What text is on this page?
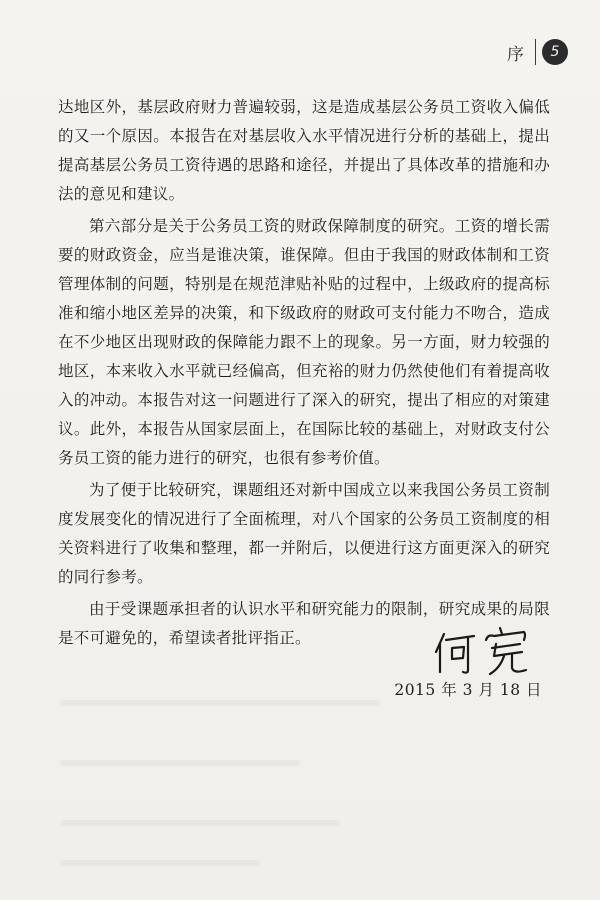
序	5

达地区外，基层政府财力普遍较弱，这是造成基层公务员工资收入偏低的又一个原因。本报告在对基层收入水平情况进行分析的基础上，提出提高基层公务员工资待遇的思路和途径，并提出了具体改革的措施和办法的意见和建议。

第六部分是关于公务员工资的财政保障制度的研究。工资的增长需要的财政资金，应当是谁决策，谁保障。但由于我国的财政体制和工资管理体制的问题，特别是在规范津贴补贴的过程中，上级政府的提高标准和缩小地区差异的决策，和下级政府的财政可支付能力不吻合，造成在不少地区出现财政的保障能力跟不上的现象。另一方面，财力较强的地区，本来收入水平就已经偏高，但充裕的财力仍然使他们有着提高收入的冲动。本报告对这一问题进行了深入的研究，提出了相应的对策建议。此外，本报告从国家层面上，在国际比较的基础上，对财政支付公务员工资的能力进行的研究，也很有参考价值。

为了便于比较研究，课题组还对新中国成立以来我国公务员工资制度发展变化的情况进行了全面梳理，对八个国家的公务员工资制度的相关资料进行了收集和整理，都一并附后，以便进行这方面更深入的研究的同行参考。

由于受课题承担者的认识水平和研究能力的限制，研究成果的局限是不可避免的，希望读者批评指正。

2015 年 3 月 18 日
